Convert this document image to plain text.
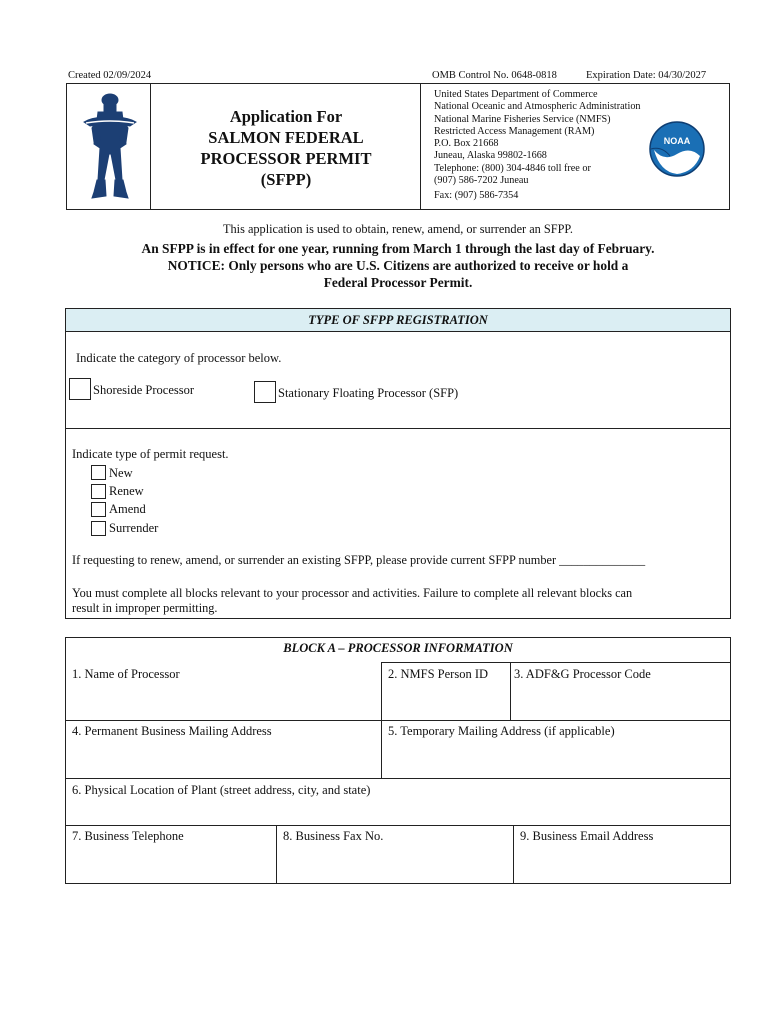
Created 02/09/2024	OMB Control No. 0648-0818	Expiration Date: 04/30/2027
Application For
SALMON FEDERAL
PROCESSOR PERMIT
(SFPP)
United States Department of Commerce
National Oceanic and Atmospheric Administration
National Marine Fisheries Service (NMFS)
Restricted Access Management (RAM)
P.O. Box 21668
Juneau, Alaska 99802-1668
Telephone: (800) 304-4846 toll free or
(907) 586-7202 Juneau
Fax: (907) 586-7354
NOAA
This application is used to obtain, renew, amend, or surrender an SFPP.
An SFPP is in effect for one year, running from March 1 through the last day of February.
NOTICE: Only persons who are U.S. Citizens are authorized to receive or hold a
Federal Processor Permit.
TYPE OF SFPP REGISTRATION
Indicate the category of processor below.
Shoreside Processor	Stationary Floating Processor (SFP)
Indicate type of permit request.
New
Renew
Amend
Surrender
If requesting to renew, amend, or surrender an existing SFPP, please provide current SFPP number ______________
You must complete all blocks relevant to your processor and activities. Failure to complete all relevant blocks can
result in improper permitting.
BLOCK A – PROCESSOR INFORMATION
1. Name of Processor	2. NMFS Person ID 3. ADF&G Processor Code
4. Permanent Business Mailing Address	5. Temporary Mailing Address (if applicable)
6. Physical Location of Plant (street address, city, and state)
7. Business Telephone	8. Business Fax No.	9. Business Email Address
